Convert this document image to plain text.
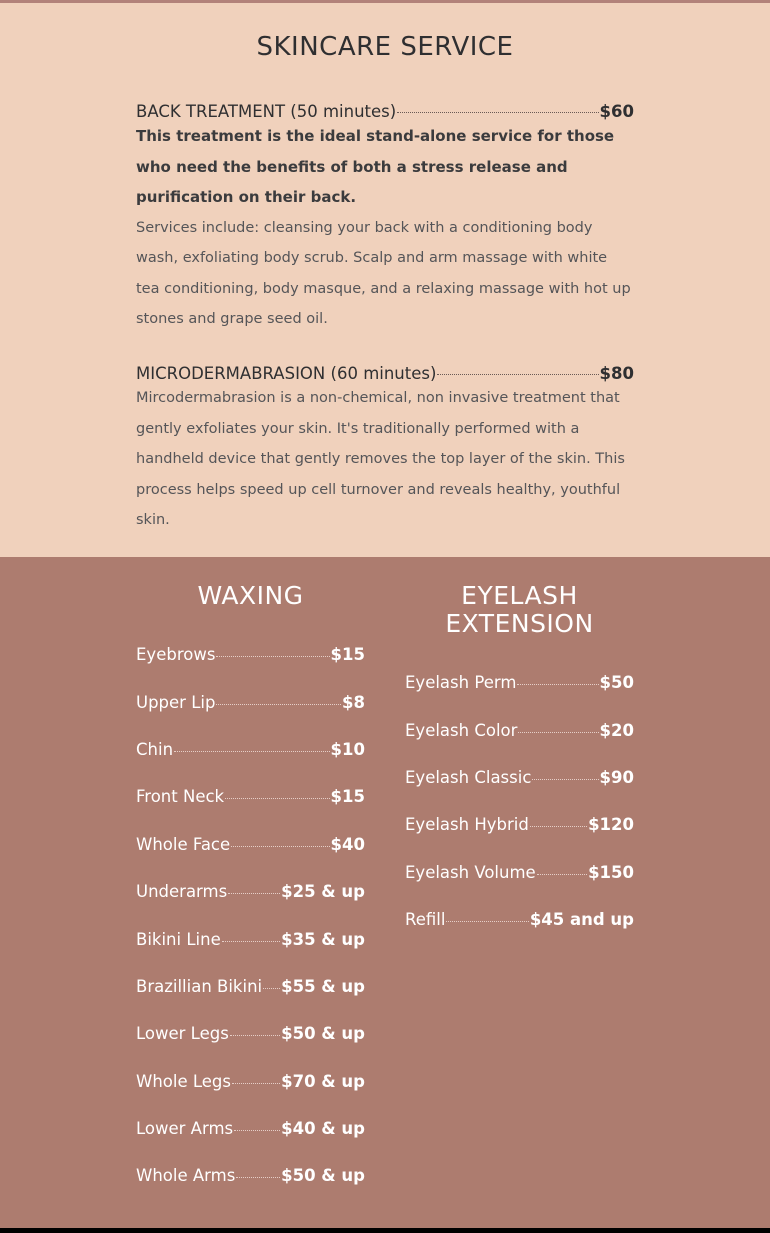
SKINCARE SERVICE
BACK TREATMENT (50 minutes)	$60

This treatment is the ideal stand-alone service for those who need the benefits of both a stress release and purification on their back.

Services include: cleansing your back with a conditioning body wash, exfoliating body scrub. Scalp and arm massage with white tea conditioning, body masque, and a relaxing massage with hot up stones and grape seed oil.

MICRODERMABRASION (60 minutes)	$80

Mircodermabrasion is a non-chemical, non invasive treatment that gently exfoliates your skin. It's traditionally performed with a handheld device that gently removes the top layer of the skin. This process helps speed up cell turnover and reveals healthy, youthful skin.

WAXING	EYELASH
EXTENSION
Eyebrows	$15
Upper Lip	$8
Chin	$10
Front Neck	$15
Whole Face	$40
Underarms	$25 & up
Bikini Line	$35 & up
Brazillian Bikini $55 & up
Lower Legs	$50 & up
Whole Legs	$70 & up
Lower Arms	$40 & up
Whole Arms	$50 & up
Eyelash Perm	$50
Eyelash Color	$20
Eyelash Classic	$90
Eyelash Hybrid	$120
Eyelash Volume	$150
Refill	$45 and up
